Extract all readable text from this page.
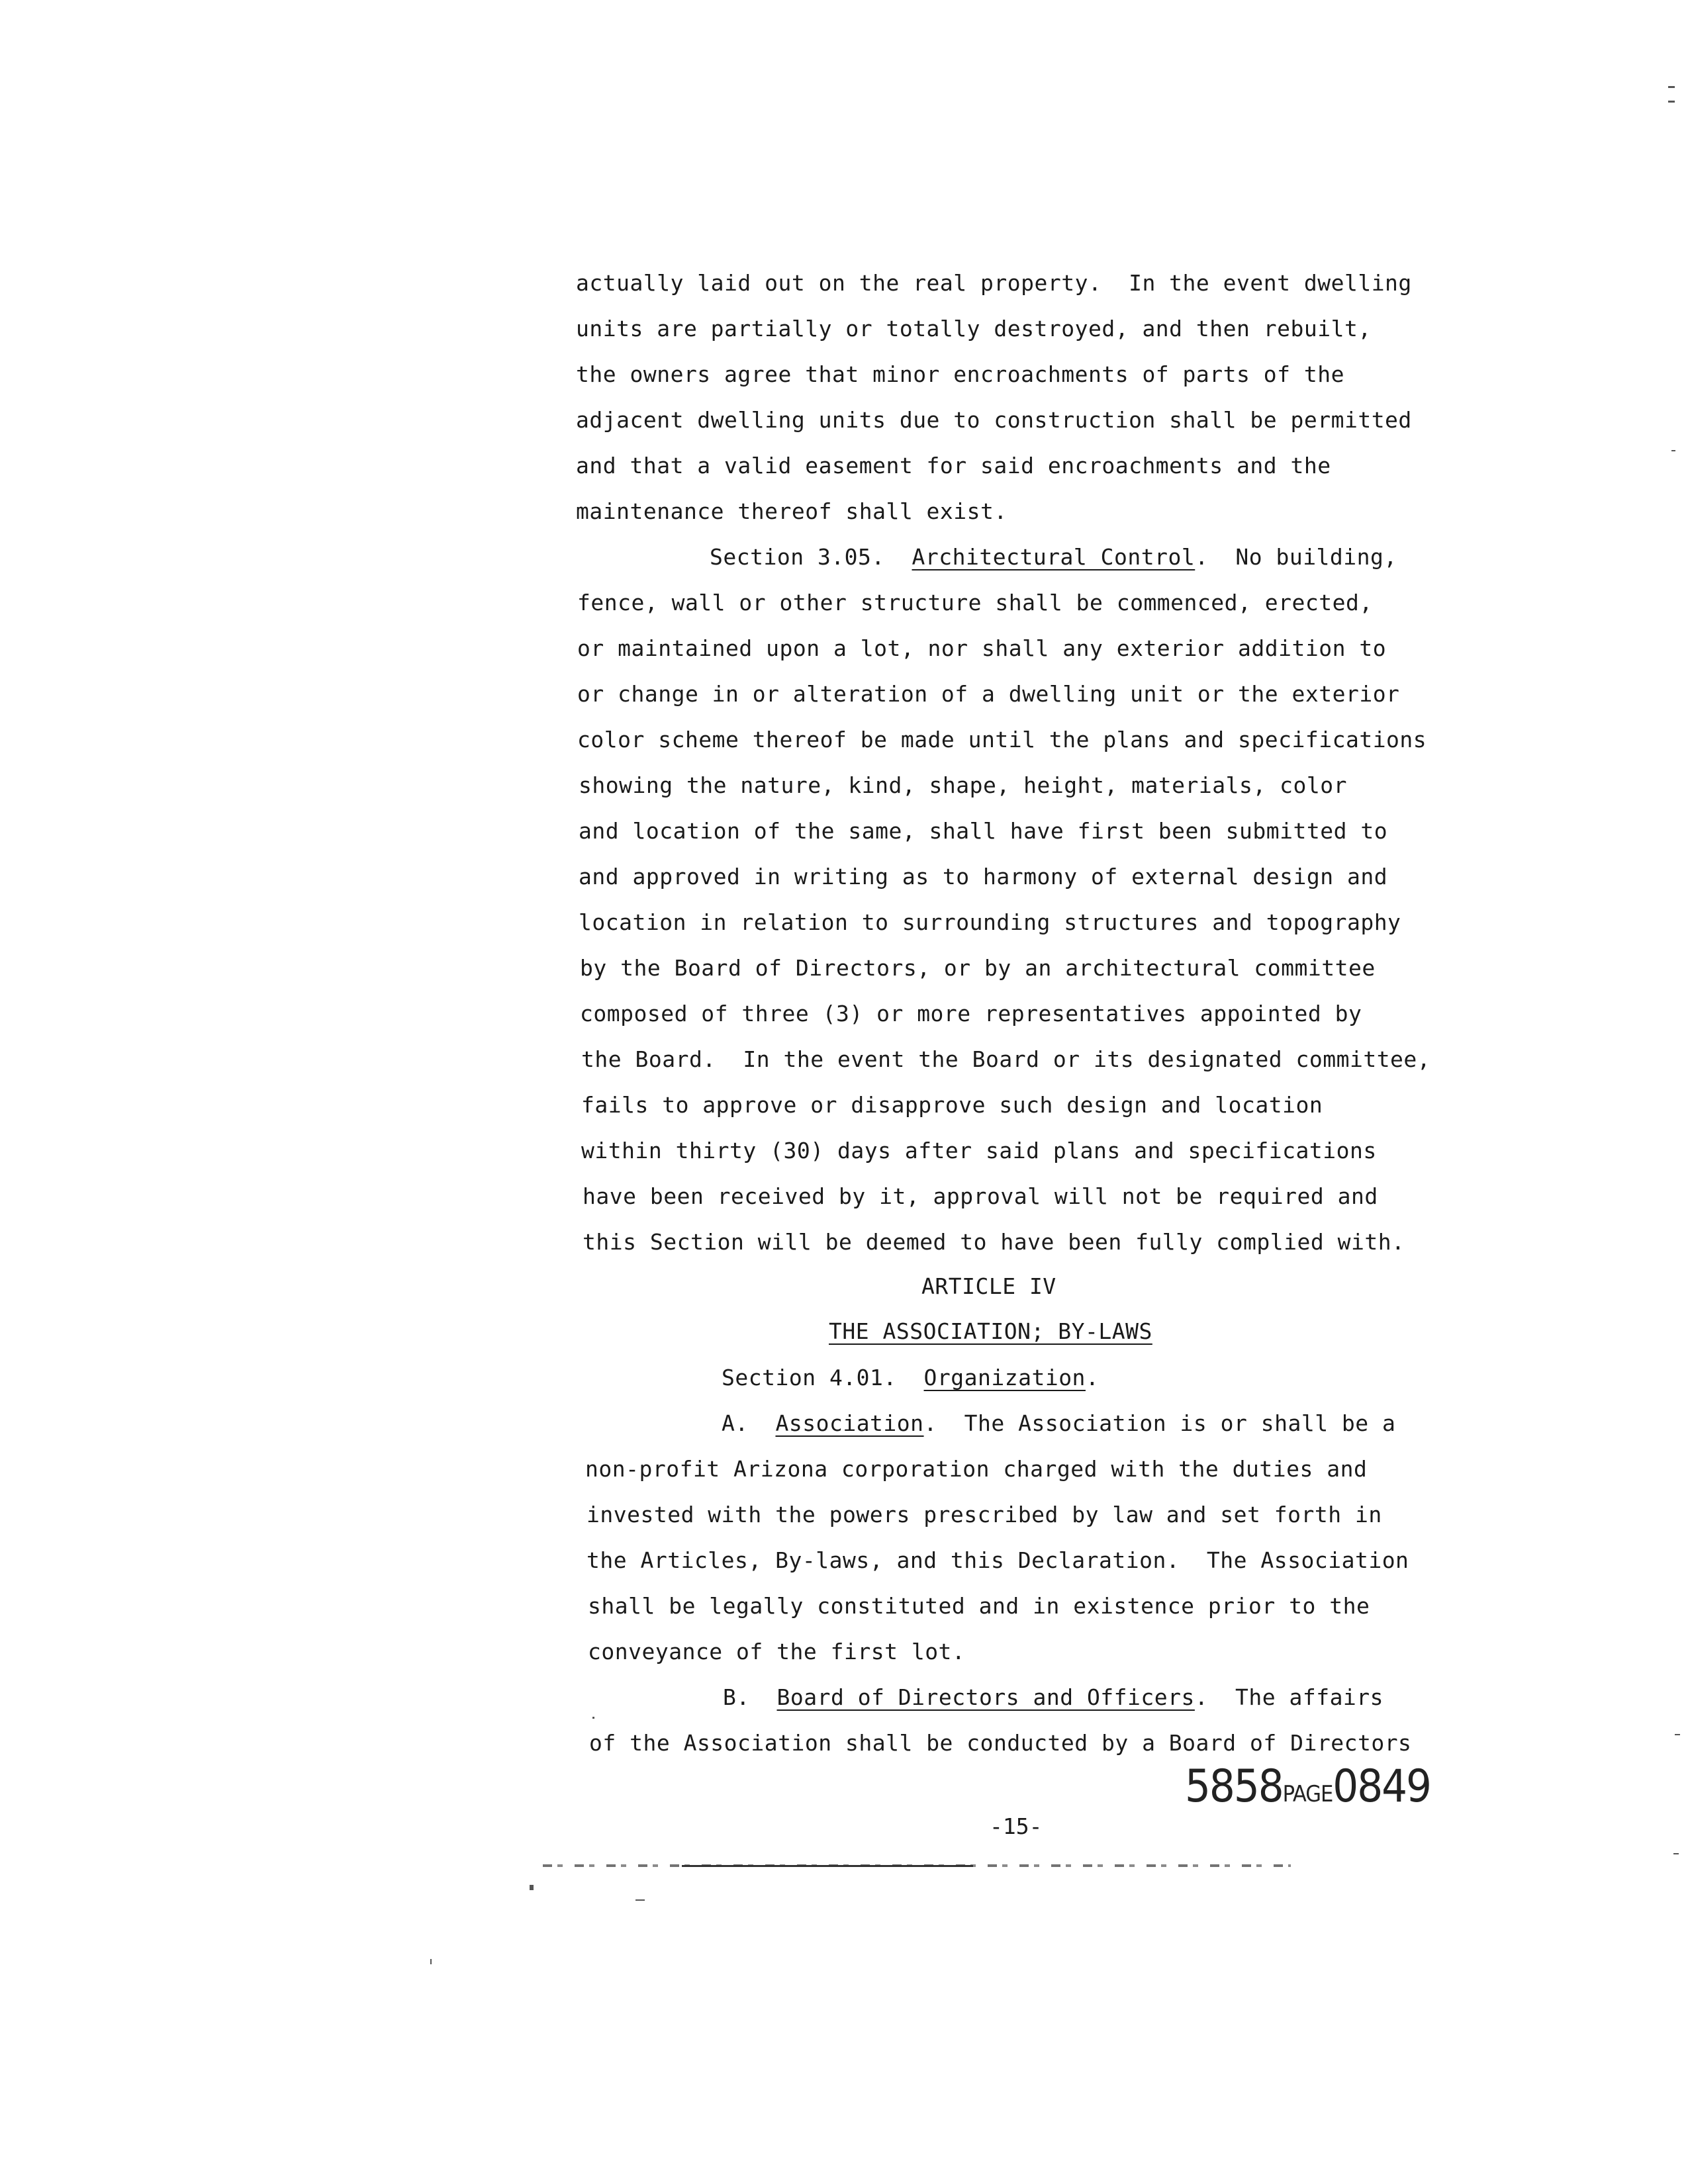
actually laid out on the real property.  In the event dwelling
units are partially or totally destroyed, and then rebuilt,
the owners agree that minor encroachments of parts of the
adjacent dwelling units due to construction shall be permitted
and that a valid easement for said encroachments and the
maintenance thereof shall exist.
Section 3.05.  Architectural Control.  No building,
fence, wall or other structure shall be commenced, erected,
or maintained upon a lot, nor shall any exterior addition to
or change in or alteration of a dwelling unit or the exterior
color scheme thereof be made until the plans and specifications
showing the nature, kind, shape, height, materials, color
and location of the same, shall have first been submitted to
and approved in writing as to harmony of external design and
location in relation to surrounding structures and topography
by the Board of Directors, or by an architectural committee
composed of three (3) or more representatives appointed by
the Board.  In the event the Board or its designated committee,
fails to approve or disapprove such design and location
within thirty (30) days after said plans and specifications
have been received by it, approval will not be required and
this Section will be deemed to have been fully complied with.
ARTICLE IV
THE ASSOCIATION; BY-LAWS
Section 4.01.  Organization.
A.  Association.  The Association is or shall be a
non-profit Arizona corporation charged with the duties and
invested with the powers prescribed by law and set forth in
the Articles, By-laws, and this Declaration.  The Association
shall be legally constituted and in existence prior to the
conveyance of the first lot.
B.  Board of Directors and Officers.  The affairs
of the Association shall be conducted by a Board of Directors
5858PAGE0849
-15-
